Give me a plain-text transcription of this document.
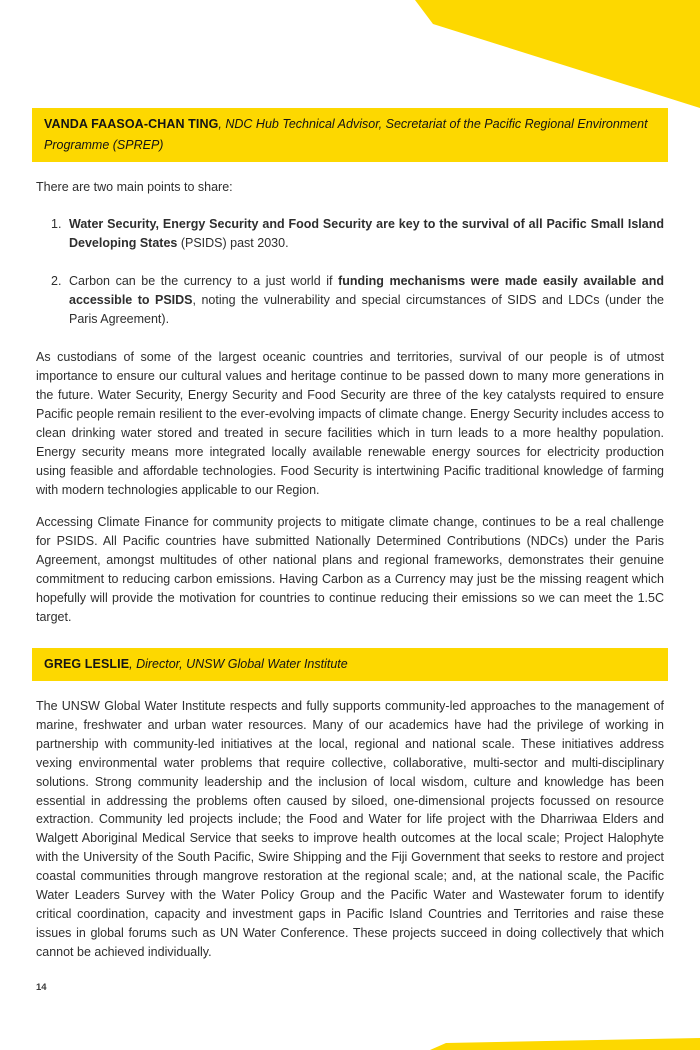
VANDA FAASOA-CHAN TING, NDC Hub Technical Advisor, Secretariat of the Pacific Regional Environment Programme (SPREP)

There are two main points to share:

1. Water Security, Energy Security and Food Security are key to the survival of all Pacific Small Island Developing States (PSIDS) past 2030.
2. Carbon can be the currency to a just world if funding mechanisms were made easily available and accessible to PSIDS, noting the vulnerability and special circumstances of SIDS and LDCs (under the Paris Agreement).

As custodians of some of the largest oceanic countries and territories, survival of our people is of utmost importance to ensure our cultural values and heritage continue to be passed down to many more generations in the future. Water Security, Energy Security and Food Security are three of the key catalysts required to ensure Pacific people remain resilient to the ever-evolving impacts of climate change. Energy Security includes access to clean drinking water stored and treated in secure facilities which in turn leads to a more healthy population. Energy security means more integrated locally available renewable energy sources for electricity production using feasible and affordable technologies. Food Security is intertwining Pacific traditional knowledge of farming with modern technologies applicable to our Region.

Accessing Climate Finance for community projects to mitigate climate change, continues to be a real challenge for PSIDS. All Pacific countries have submitted Nationally Determined Contributions (NDCs) under the Paris Agreement, amongst multitudes of other national plans and regional frameworks, demonstrates their genuine commitment to reducing carbon emissions. Having Carbon as a Currency may just be the missing reagent which hopefully will provide the motivation for countries to continue reducing their emissions so we can meet the 1.5C target.

GREG LESLIE, Director, UNSW Global Water Institute

The UNSW Global Water Institute respects and fully supports community-led approaches to the management of marine, freshwater and urban water resources. Many of our academics have had the privilege of working in partnership with community-led initiatives at the local, regional and national scale. These initiatives address vexing environmental water problems that require collective, collaborative, multi-sector and multi-disciplinary solutions. Strong community leadership and the inclusion of local wisdom, culture and knowledge has been essential in addressing the problems often caused by siloed, one-dimensional projects focussed on resource extraction. Community led projects include; the Food and Water for life project with the Dharriwaa Elders and Walgett Aboriginal Medical Service that seeks to improve health outcomes at the local scale; Project Halophyte with the University of the South Pacific, Swire Shipping and the Fiji Government that seeks to restore and project coastal communities through mangrove restoration at the regional scale; and, at the national scale, the Pacific Water Leaders Survey with the Water Policy Group and the Pacific Water and Wastewater forum to identify critical coordination, capacity and investment gaps in Pacific Island Countries and Territories and raise these issues in global forums such as UN Water Conference. These projects succeed in doing collectively that which cannot be achieved individually.

14
